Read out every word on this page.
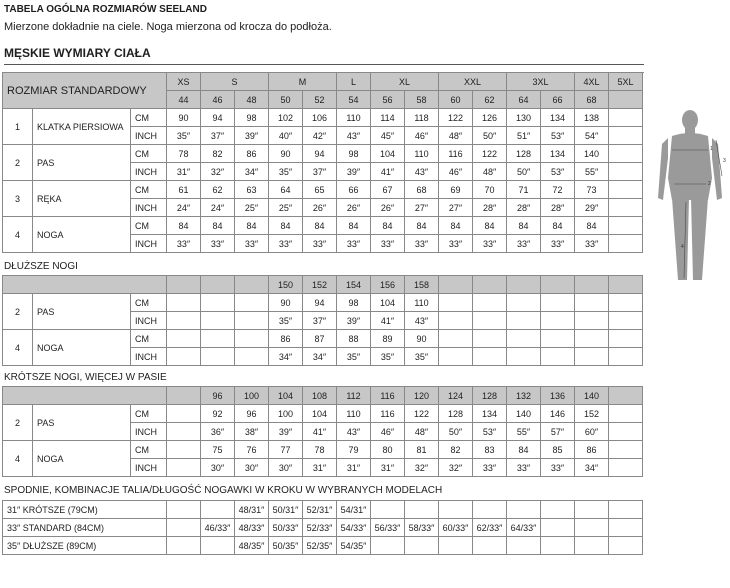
TABELA OGÓLNA ROZMIARÓW SEELAND
Mierzone dokładnie na ciele. Noga mierzona od krocza do podłoża.
MĘSKIE WYMIARY CIAŁA
ROZMIAR STANDARDOWY			XS	S		M		L	XL		XXL		3XL		4XL	5XL	
			44	46	48	50	52	54	56	58	60	62	64	66	68		
1	KLATKA PIERSIOWA	CM	90	94	98	102	106	110	114	118	122	126	130	134	138		
		INCH	35″	37″	39″	40″	42″	43″	45″	46″	48″	50″	51″	53″	54″		
2	PAS	CM	78	82	86	90	94	98	104	110	116	122	128	134	140		
		INCH	31″	32″	34″	35″	37″	39″	41″	43″	46″	48″	50″	53″	55″		
3	RĘKA	CM	61	62	63	64	65	66	67	68	69	70	71	72	73		
		INCH	24″	24″	25″	25″	26″	26″	26″	27″	27″	28″	28″	28″	29″		
4	NOGA	CM	84	84	84	84	84	84	84	84	84	84	84	84	84		
		INCH	33″	33″	33″	33″	33″	33″	33″	33″	33″	33″	33″	33″	33″		
DŁUŻSZE NOGI
						150	152	154	156	158						
2	PAS	CM				90	94	98	104	110						
		INCH				35″	37″	39″	41″	43″						
4	NOGA	CM				86	87	88	89	90						
		INCH				34″	34″	35″	35″	35″						
KRÓTSZE NOGI, WIĘCEJ W PASIE
				96	100	104	108	112	116	120	124	128	132	136	140	
2	PAS	CM		92	96	100	104	110	116	122	128	134	140	146	152	
		INCH		36″	38″	39″	41″	43″	46″	48″	50″	53″	55″	57″	60″	
4	NOGA	CM		75	76	77	78	79	80	81	82	83	84	85	86	
		INCH		30″	30″	30″	31″	31″	31″	32″	32″	33″	33″	33″	34″	
SPODNIE, KOMBINACJE TALIA/DŁUGOŚĆ NOGAWKI W KROKU W WYBRANYCH MODELACH
31″ KRÓTSZE (79CM)			48/31″	50/31″	52/31″	54/31″								
33″ STANDARD (84CM)		46/33″	48/33″	50/33″	52/33″	54/33″	56/33″	58/33″	60/33″	62/33″	64/33″			
35″ DŁUŻSZE (89CM)			48/35″	50/35″	52/35″	54/35″								
1
2
3
4
